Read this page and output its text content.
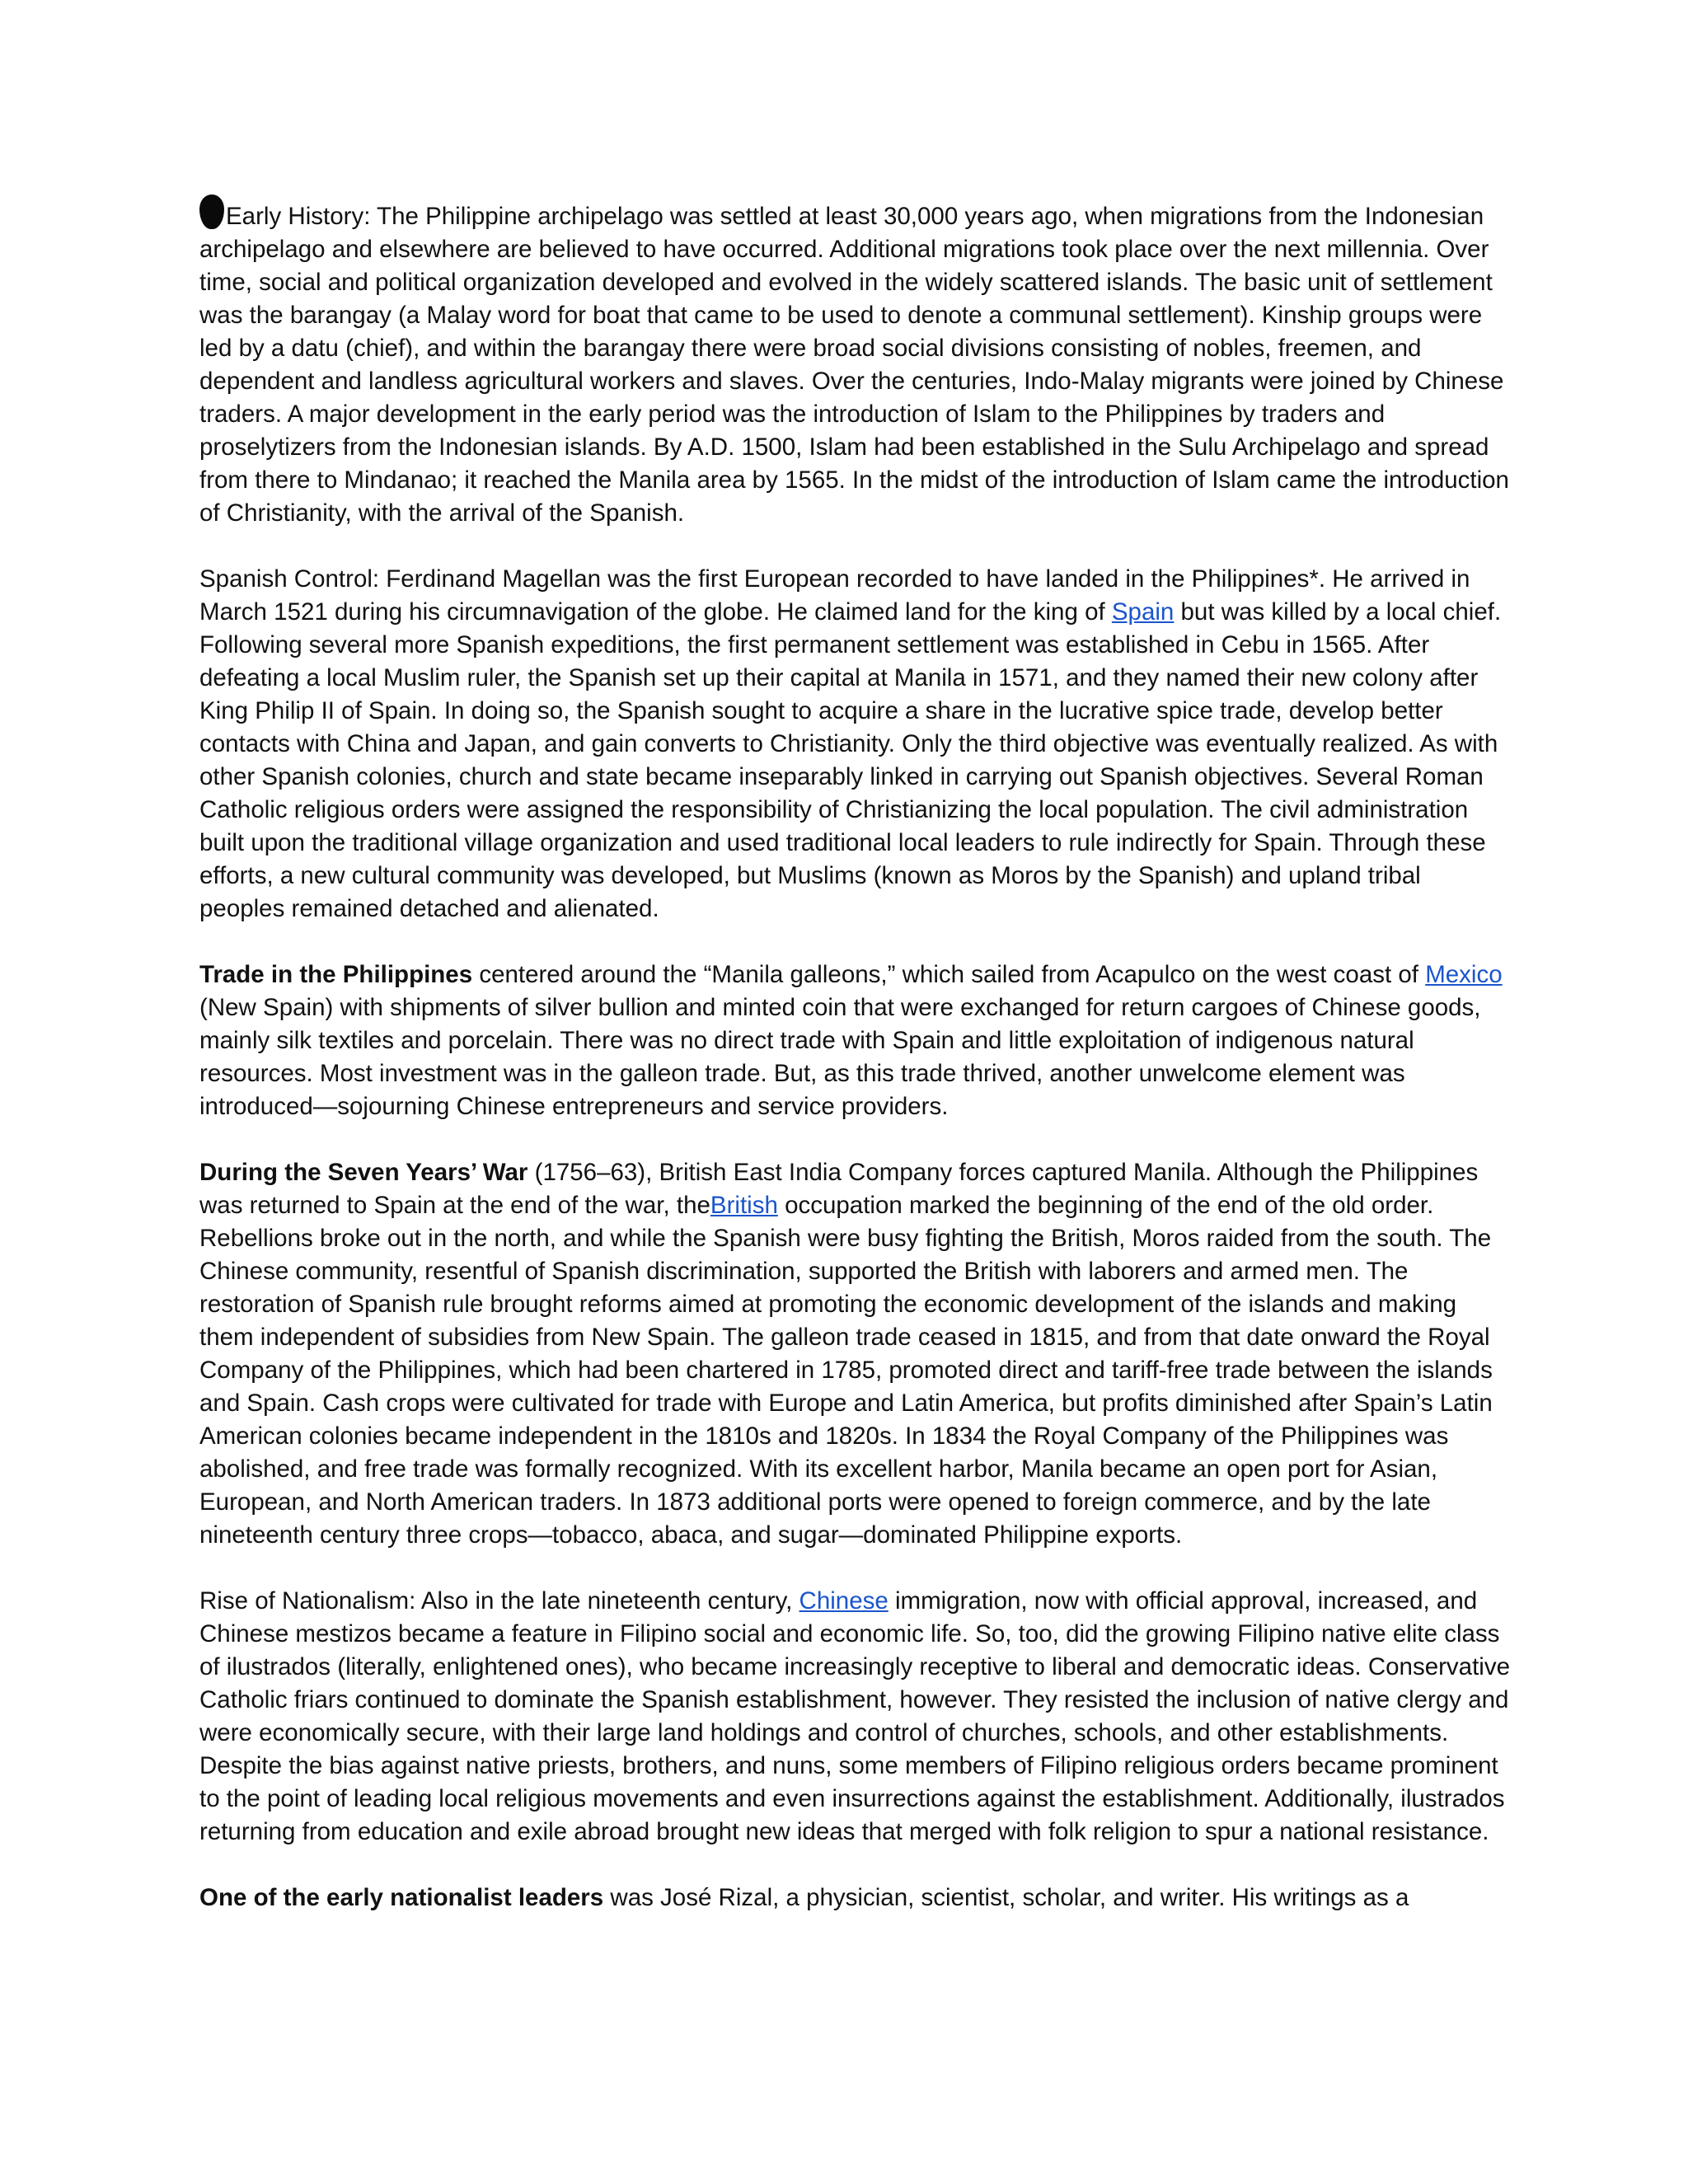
Early History: The Philippine archipelago was settled at least 30,000 years ago, when migrations from the Indonesian archipelago and elsewhere are believed to have occurred. Additional migrations took place over the next millennia. Over time, social and political organization developed and evolved in the widely scattered islands. The basic unit of settlement was the barangay (a Malay word for boat that came to be used to denote a communal settlement). Kinship groups were led by a datu (chief), and within the barangay there were broad social divisions consisting of nobles, freemen, and dependent and landless agricultural workers and slaves. Over the centuries, Indo-Malay migrants were joined by Chinese traders. A major development in the early period was the introduction of Islam to the Philippines by traders and proselytizers from the Indonesian islands. By A.D. 1500, Islam had been established in the Sulu Archipelago and spread from there to Mindanao; it reached the Manila area by 1565. In the midst of the introduction of Islam came the introduction of Christianity, with the arrival of the Spanish.

Spanish Control: Ferdinand Magellan was the first European recorded to have landed in the Philippines*. He arrived in March 1521 during his circumnavigation of the globe. He claimed land for the king of Spain but was killed by a local chief. Following several more Spanish expeditions, the first permanent settlement was established in Cebu in 1565. After defeating a local Muslim ruler, the Spanish set up their capital at Manila in 1571, and they named their new colony after King Philip II of Spain. In doing so, the Spanish sought to acquire a share in the lucrative spice trade, develop better contacts with China and Japan, and gain converts to Christianity. Only the third objective was eventually realized. As with other Spanish colonies, church and state became inseparably linked in carrying out Spanish objectives. Several Roman Catholic religious orders were assigned the responsibility of Christianizing the local population. The civil administration built upon the traditional village organization and used traditional local leaders to rule indirectly for Spain. Through these efforts, a new cultural community was developed, but Muslims (known as Moros by the Spanish) and upland tribal peoples remained detached and alienated.

Trade in the Philippines centered around the “Manila galleons,” which sailed from Acapulco on the west coast of Mexico (New Spain) with shipments of silver bullion and minted coin that were exchanged for return cargoes of Chinese goods, mainly silk textiles and porcelain. There was no direct trade with Spain and little exploitation of indigenous natural resources. Most investment was in the galleon trade. But, as this trade thrived, another unwelcome element was introduced—sojourning Chinese entrepreneurs and service providers.

During the Seven Years’ War (1756–63), British East India Company forces captured Manila. Although the Philippines was returned to Spain at the end of the war, theBritish occupation marked the beginning of the end of the old order. Rebellions broke out in the north, and while the Spanish were busy fighting the British, Moros raided from the south. The Chinese community, resentful of Spanish discrimination, supported the British with laborers and armed men. The restoration of Spanish rule brought reforms aimed at promoting the economic development of the islands and making them independent of subsidies from New Spain. The galleon trade ceased in 1815, and from that date onward the Royal Company of the Philippines, which had been chartered in 1785, promoted direct and tariff-free trade between the islands and Spain. Cash crops were cultivated for trade with Europe and Latin America, but profits diminished after Spain’s Latin American colonies became independent in the 1810s and 1820s. In 1834 the Royal Company of the Philippines was abolished, and free trade was formally recognized. With its excellent harbor, Manila became an open port for Asian, European, and North American traders. In 1873 additional ports were opened to foreign commerce, and by the late nineteenth century three crops—tobacco, abaca, and sugar—dominated Philippine exports.

Rise of Nationalism: Also in the late nineteenth century, Chinese immigration, now with official approval, increased, and Chinese mestizos became a feature in Filipino social and economic life. So, too, did the growing Filipino native elite class of ilustrados (literally, enlightened ones), who became increasingly receptive to liberal and democratic ideas. Conservative Catholic friars continued to dominate the Spanish establishment, however. They resisted the inclusion of native clergy and were economically secure, with their large land holdings and control of churches, schools, and other establishments. Despite the bias against native priests, brothers, and nuns, some members of Filipino religious orders became prominent to the point of leading local religious movements and even insurrections against the establishment. Additionally, ilustrados returning from education and exile abroad brought new ideas that merged with folk religion to spur a national resistance.

One of the early nationalist leaders was José Rizal, a physician, scientist, scholar, and writer. His writings as a
